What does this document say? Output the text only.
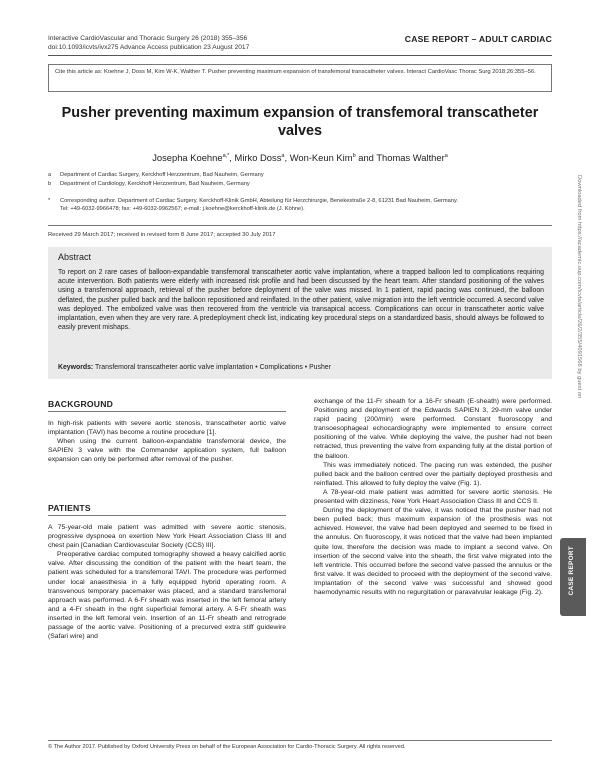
Interactive CardioVascular and Thoracic Surgery 26 (2018) 355–356
doi:10.1093/icvts/ivx275 Advance Access publication 23 August 2017
CASE REPORT – ADULT CARDIAC
Cite this article as: Koehne J, Doss M, Kim W-K, Walther T. Pusher preventing maximum expansion of transfemoral transcatheter valves. Interact CardioVasc Thorac Surg 2018;26:355–56.
Pusher preventing maximum expansion of transfemoral transcatheter valves
Josepha Koehne$^{a,*}$, Mirko Doss$^a$, Won-Keun Kim$^b$ and Thomas Walther$^a$
a Department of Cardiac Surgery, Kerckhoff Herzzentrum, Bad Nauheim, Germany
b Department of Cardiology, Kerckhoff Herzzentrum, Bad Nauheim, Germany
* Corresponding author. Department of Cardiac Surgery, Kerckhoff-Klinik GmbH, Abteilung für Herzchirurgie, Benekestraße 2-8, 61231 Bad Nauheim, Germany.
Tel: +49-6032-9966478; fax: +49-6032-9962567; e-mail: j.koehne@kerckhoff-klinik.de (J. Köhne).
Received 29 March 2017; received in revised form 8 June 2017; accepted 30 July 2017
Abstract
To report on 2 rare cases of balloon-expandable transfemoral transcatheter aortic valve implantation, where a trapped balloon led to complications requiring acute intervention. Both patients were elderly with increased risk profile and had been discussed by the heart team. After standard positioning of the valves using a transfemoral approach, retrieval of the pusher before deployment of the valve was missed. In 1 patient, rapid pacing was continued, the balloon deflated, the pusher pulled back and the balloon repositioned and reinflated. In the other patient, valve migration into the left ventricle occurred. A second valve was deployed. The embolized valve was then recovered from the ventricle via transapical access. Complications can occur in transcatheter aortic valve implantation, even when they are very rare. A predeployment check list, indicating key procedural steps on a standardized basis, should always be followed to easily prevent mishaps.
Keywords: Transfemoral transcatheter aortic valve implantation • Complications • Pusher
BACKGROUND

In high-risk patients with severe aortic stenosis, transcatheter aortic valve implantation (TAVI) has become a routine procedure [1].

When using the current balloon-expandable transfemoral device, the SAPIEN 3 valve with the Commander application system, full balloon expansion can only be performed after removal of the pusher.

PATIENTS

A 75-year-old male patient was admitted with severe aortic stenosis, progressive dyspnoea on exertion New York Heart Association Class III and chest pain [Canadian Cardiovascular Society (CCS) III].

Preoperative cardiac computed tomography showed a heavy calcified aortic valve. After discussing the condition of the patient with the heart team, the patient was scheduled for a transfemoral TAVI. The procedure was performed under local anaesthesia in a fully equipped hybrid operating room. A transvenous temporary pacemaker was placed, and a standard transfemoral approach was performed. A 6-Fr sheath was inserted in the left femoral artery and a 4-Fr sheath in the right superficial femoral artery. A 5-Fr sheath was inserted in the left femoral vein. Insertion of an 11-Fr sheath and retrograde passage of the aortic valve. Positioning of a precurved extra stiff guidewire (Safari wire) and

exchange of the 11-Fr sheath for a 16-Fr sheath (E-sheath) were performed. Positioning and deployment of the Edwards SAPIEN 3, 29-mm valve under rapid pacing (200/min) were performed. Constant fluoroscopy and transoesophageal echocardiography were implemented to ensure correct positioning of the valve. While deploying the valve, the pusher had not been retracted, thus preventing the valve from expanding fully at the distal portion of the balloon.

This was immediately noticed. The pacing run was extended, the pusher pulled back and the balloon centred over the partially deployed prosthesis and reinflated. This allowed to fully deploy the valve (Fig. 1).

A 78-year-old male patient was admitted for severe aortic stenosis. He presented with dizziness, New York Heart Association Class III and CCS II.

During the deployment of the valve, it was noticed that the pusher had not been pulled back; thus maximum expansion of the prosthesis was not achieved. However, the valve had been deployed and seemed to be fixed in the annulus. On fluoroscopy, it was noticed that the valve had been implanted quite low, therefore the decision was made to implant a second valve. On insertion of the second valve into the sheath, the first valve migrated into the left ventricle. This occurred before the second valve passed the annulus or the first valve. It was decided to proceed with the deployment of the second valve. Implantation of the second valve was successful and showed good haemodynamic results with no regurgitation or paravalvular leakage (Fig. 2).

Downloaded from https://academic.oup.com/icvts/article/26/2/355/4091568 by guest on
CASE REPORT
© The Author 2017. Published by Oxford University Press on behalf of the European Association for Cardio-Thoracic Surgery. All rights reserved.
